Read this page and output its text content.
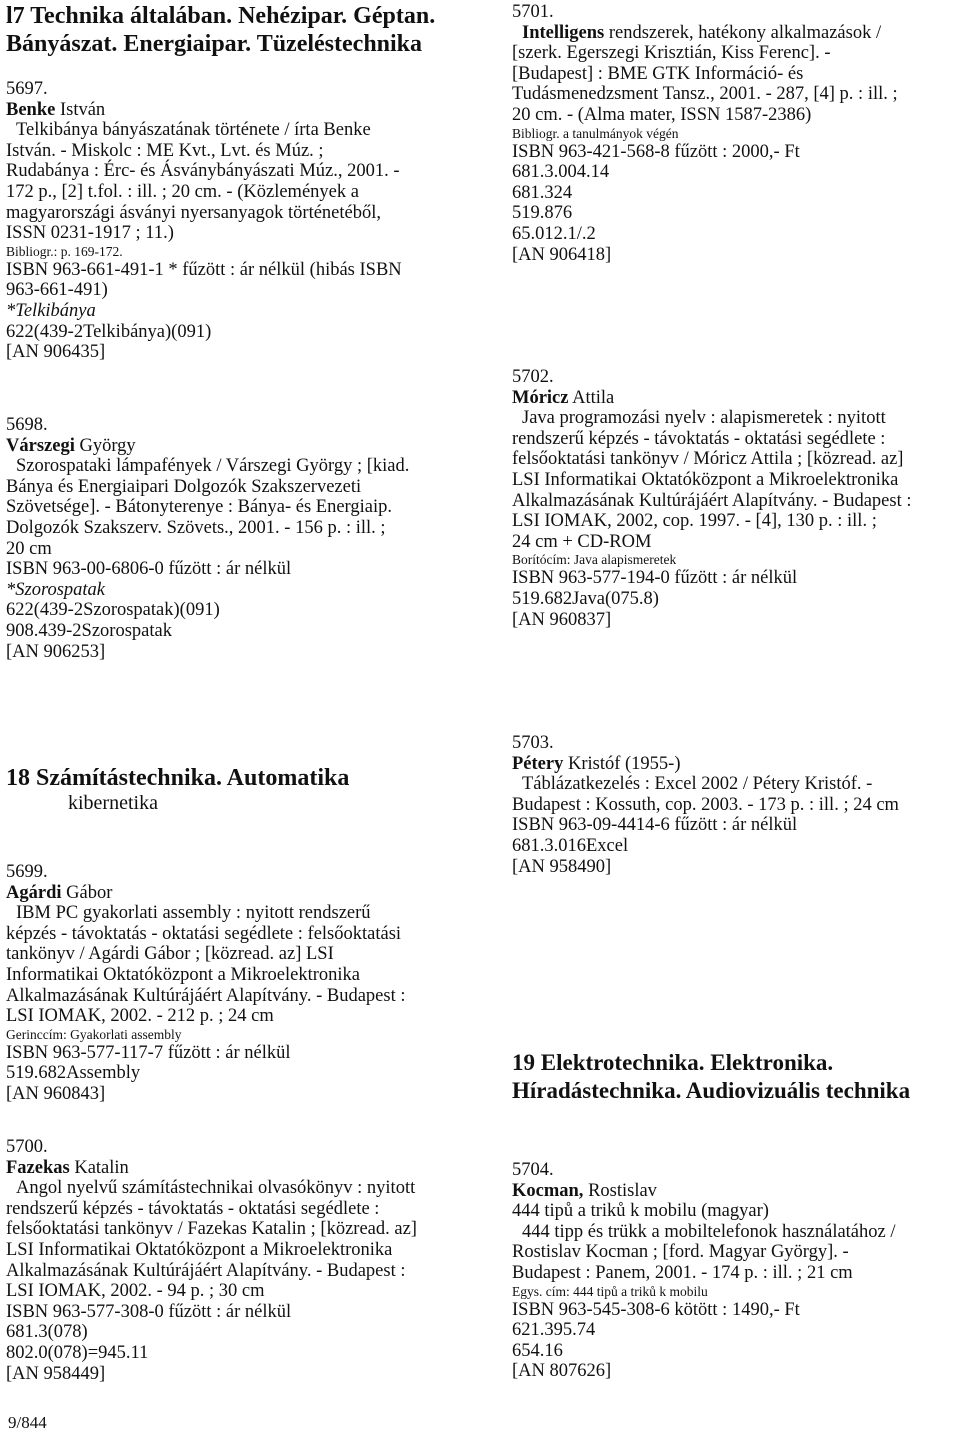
l7 Technika általában. Nehézipar. Géptan.
Bányászat. Energiaipar. Tüzeléstechnika
5697.
Benke István
Telkibánya bányászatának története / írta Benke
István. - Miskolc : ME Kvt., Lvt. és Múz. ;
Rudabánya : Érc- és Ásványbányászati Múz., 2001. -
172 p., [2] t.fol. : ill. ; 20 cm. - (Közlemények a
magyarországi ásványi nyersanyagok történetéből,
ISSN 0231-1917 ; 11.)
Bibliogr.: p. 169-172.
ISBN 963-661-491-1 * fűzött : ár nélkül (hibás ISBN
963-661-491)
*Telkibánya
622(439-2Telkibánya)(091)
[AN 906435]
5698.
Várszegi György
Szorospataki lámpafények / Várszegi György ; [kiad.
Bánya és Energiaipari Dolgozók Szakszervezeti
Szövetsége]. - Bátonyterenye : Bánya- és Energiaip.
Dolgozók Szakszerv. Szövets., 2001. - 156 p. : ill. ;
20 cm
ISBN 963-00-6806-0 fűzött : ár nélkül
*Szorospatak
622(439-2Szorospatak)(091)
908.439-2Szorospatak
[AN 906253]
18 Számítástechnika. Automatika
kibernetika
5699.
Agárdi Gábor
IBM PC gyakorlati assembly : nyitott rendszerű
képzés - távoktatás - oktatási segédlete : felsőoktatási
tankönyv / Agárdi Gábor ; [közread. az] LSI
Informatikai Oktatóközpont a Mikroelektronika
Alkalmazásának Kultúrájáért Alapítvány. - Budapest :
LSI IOMAK, 2002. - 212 p. ; 24 cm
Gerinccím: Gyakorlati assembly
ISBN 963-577-117-7 fűzött : ár nélkül
519.682Assembly
[AN 960843]
5700.
Fazekas Katalin
Angol nyelvű számítástechnikai olvasókönyv : nyitott
rendszerű képzés - távoktatás - oktatási segédlete :
felsőoktatási tankönyv / Fazekas Katalin ; [közread. az]
LSI Informatikai Oktatóközpont a Mikroelektronika
Alkalmazásának Kultúrájáért Alapítvány. - Budapest :
LSI IOMAK, 2002. - 94 p. ; 30 cm
ISBN 963-577-308-0 fűzött : ár nélkül
681.3(078)
802.0(078)=945.11
[AN 958449]
9/844
5701.
Intelligens rendszerek, hatékony alkalmazások /
[szerk. Egerszegi Krisztián, Kiss Ferenc]. -
[Budapest] : BME GTK Információ- és
Tudásmenedzsment Tansz., 2001. - 287, [4] p. : ill. ;
20 cm. - (Alma mater, ISSN 1587-2386)
Bibliogr. a tanulmányok végén
ISBN 963-421-568-8 fűzött : 2000,- Ft
681.3.004.14
681.324
519.876
65.012.1/.2
[AN 906418]
5702.
Móricz Attila
Java programozási nyelv : alapismeretek : nyitott
rendszerű képzés - távoktatás - oktatási segédlete :
felsőoktatási tankönyv / Móricz Attila ; [közread. az]
LSI Informatikai Oktatóközpont a Mikroelektronika
Alkalmazásának Kultúrájáért Alapítvány. - Budapest :
LSI IOMAK, 2002, cop. 1997. - [4], 130 p. : ill. ;
24 cm + CD-ROM
Borítócím: Java alapismeretek
ISBN 963-577-194-0 fűzött : ár nélkül
519.682Java(075.8)
[AN 960837]
5703.
Pétery Kristóf (1955-)
Táblázatkezelés : Excel 2002 / Pétery Kristóf. -
Budapest : Kossuth, cop. 2003. - 173 p. : ill. ; 24 cm
ISBN 963-09-4414-6 fűzött : ár nélkül
681.3.016Excel
[AN 958490]
19 Elektrotechnika. Elektronika.
Híradástechnika. Audiovizuális technika
5704.
Kocman, Rostislav
444 tipů a triků k mobilu (magyar)
444 tipp és trükk a mobiltelefonok használatához /
Rostislav Kocman ; [ford. Magyar György]. -
Budapest : Panem, 2001. - 174 p. : ill. ; 21 cm
Egys. cím: 444 tipů a triků k mobilu
ISBN 963-545-308-6 kötött : 1490,- Ft
621.395.74
654.16
[AN 807626]
